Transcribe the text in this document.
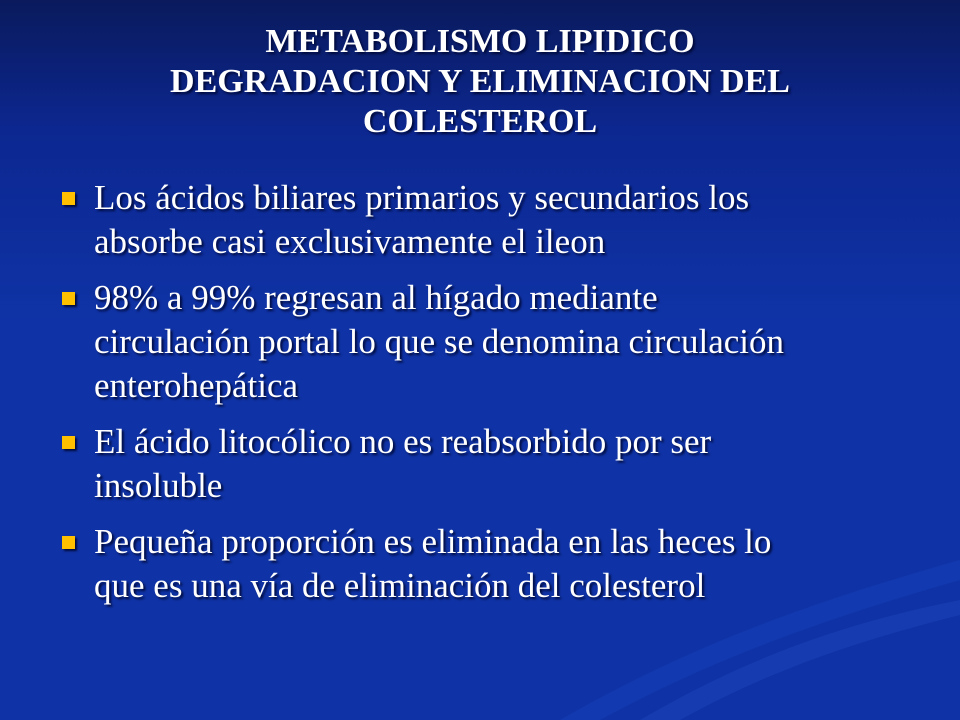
METABOLISMO LIPIDICO
DEGRADACION Y ELIMINACION DEL
COLESTEROL
Los ácidos biliares primarios y secundarios los
absorbe casi exclusivamente el ileon
98% a 99% regresan al hígado mediante
circulación portal lo que se denomina circulación
enterohepática
El ácido litocólico no es reabsorbido por ser
insoluble
Pequeña proporción es eliminada en las heces lo
que es una vía de eliminación del colesterol
